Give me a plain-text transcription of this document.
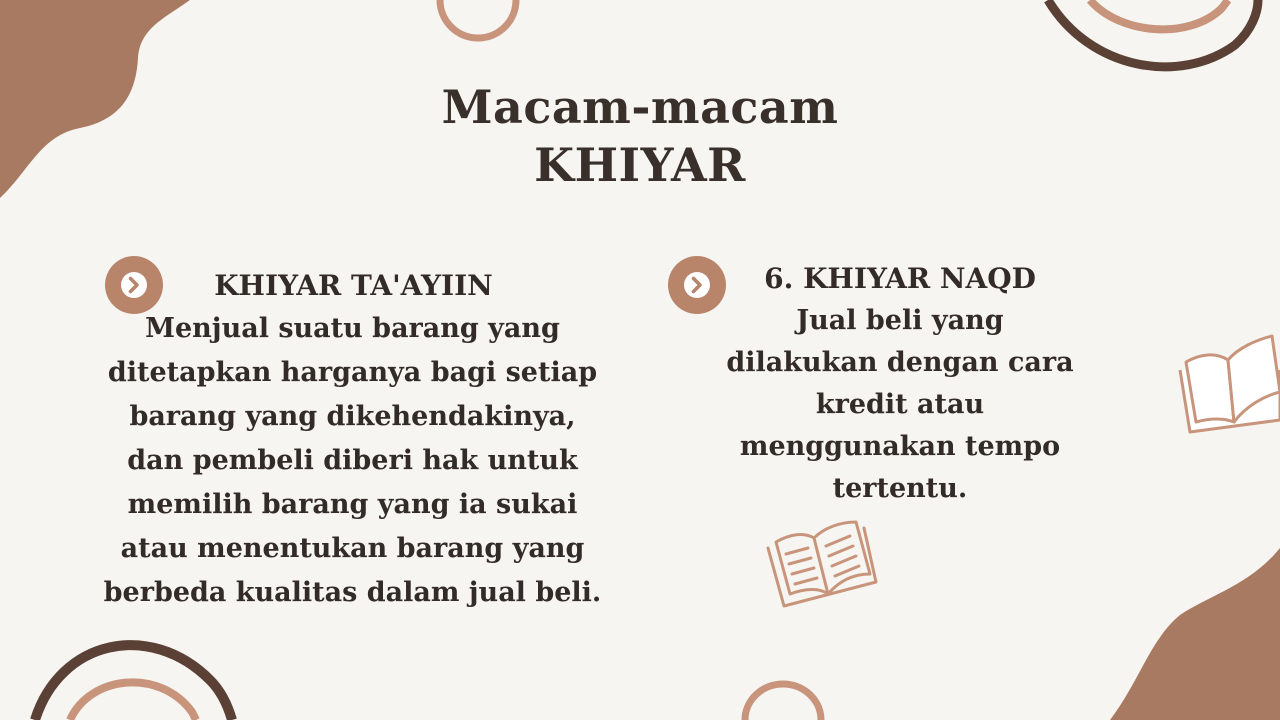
Macam-macam
KHIYAR
KHIYAR TA'AYIIN
Menjual suatu barang yang ditetapkan harganya bagi setiap barang yang dikehendakinya, dan pembeli diberi hak untuk memilih barang yang ia sukai atau menentukan barang yang berbeda kualitas dalam jual beli.
6. KHIYAR NAQD
Jual beli yang dilakukan dengan cara kredit atau menggunakan tempo tertentu.
